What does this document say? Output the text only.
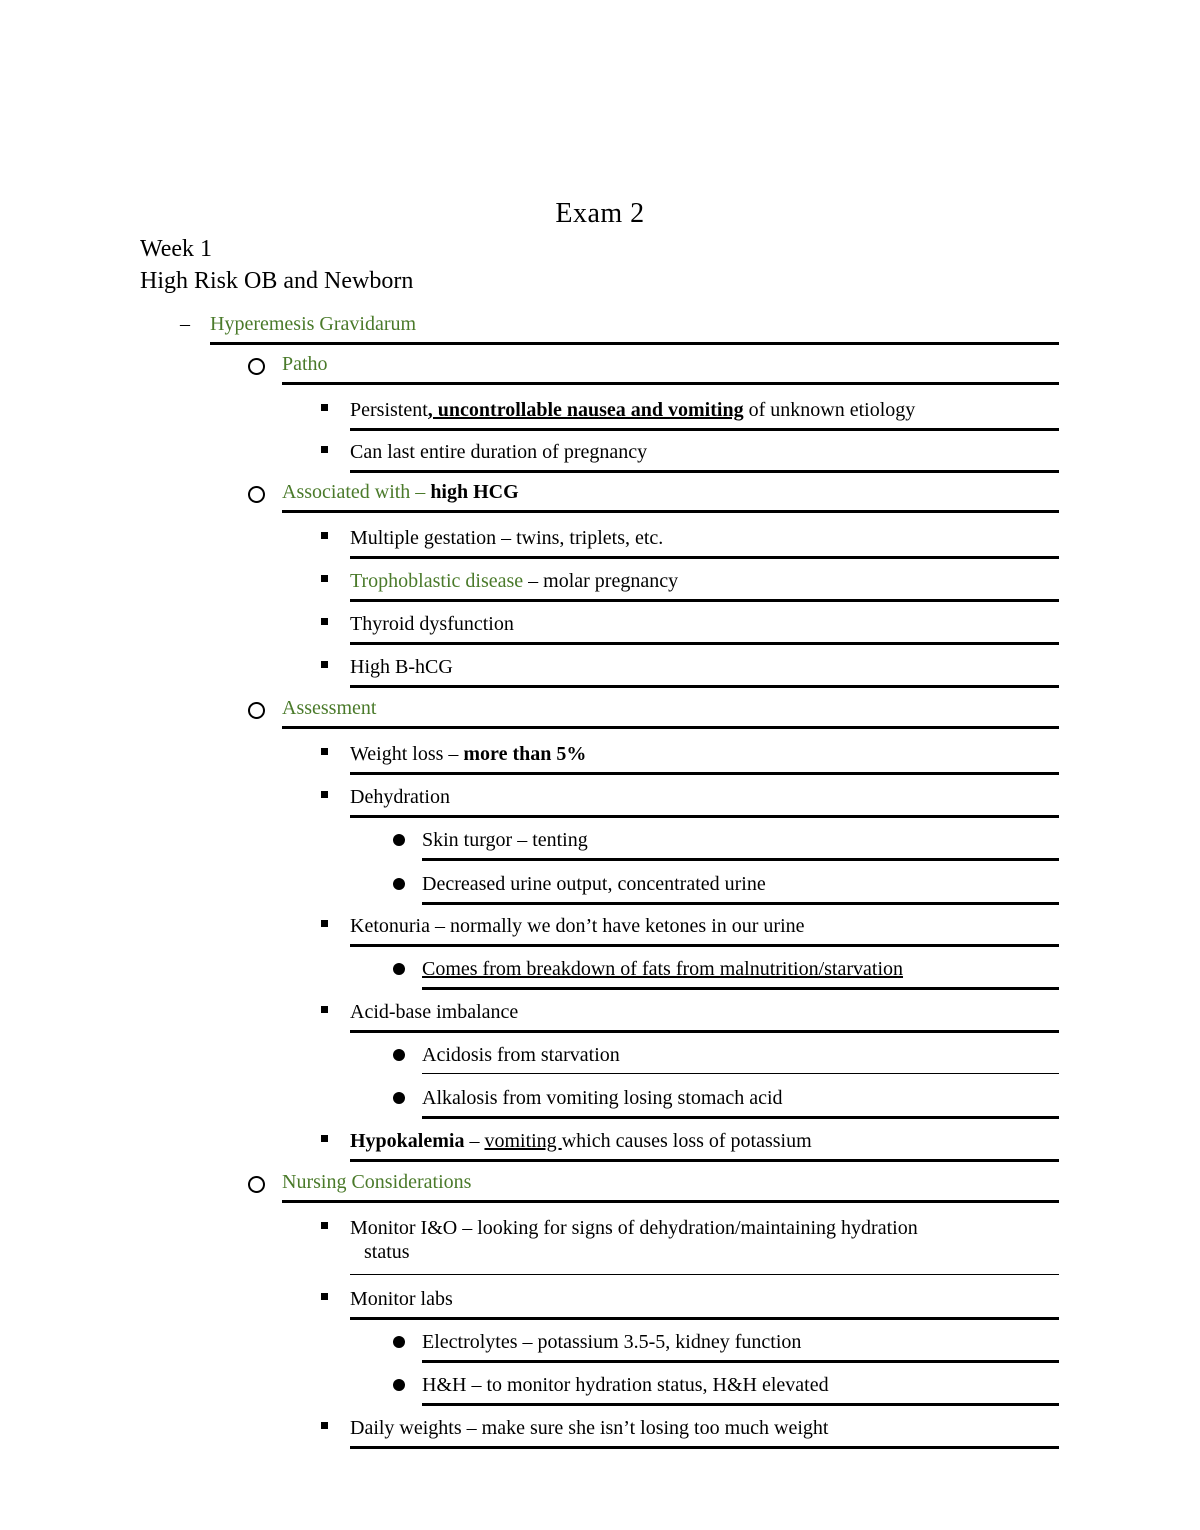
Exam 2
Week 1
High Risk OB and Newborn
– Hyperemesis Gravidarum
Patho
Persistent, uncontrollable nausea and vomiting of unknown etiology
Can last entire duration of pregnancy
Associated with – high HCG
Multiple gestation – twins, triplets, etc.
Trophoblastic disease – molar pregnancy
Thyroid dysfunction
High B-hCG
Assessment
Weight loss – more than 5%
Dehydration
Skin turgor – tenting
Decreased urine output, concentrated urine
Ketonuria – normally we don’t have ketones in our urine
Comes from breakdown of fats from malnutrition/starvation
Acid-base imbalance
Acidosis from starvation
Alkalosis from vomiting losing stomach acid
Hypokalemia – vomiting which causes loss of potassium
Nursing Considerations
Monitor I&O – looking for signs of dehydration/maintaining hydration
status
Monitor labs
Electrolytes – potassium 3.5-5, kidney function
H&H – to monitor hydration status, H&H elevated
Daily weights – make sure she isn’t losing too much weight
